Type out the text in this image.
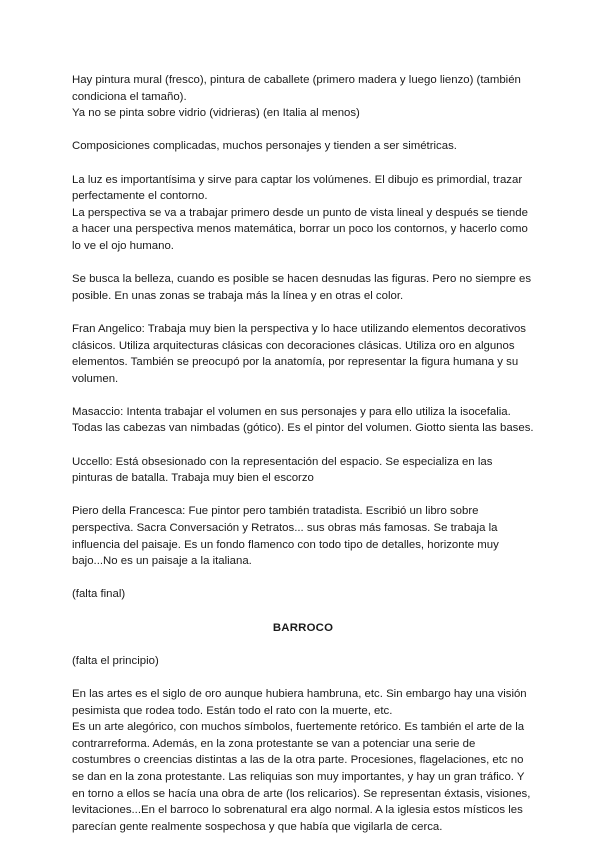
Hay pintura mural (fresco), pintura de caballete (primero madera y luego lienzo) (también condiciona el tamaño).
Ya no se pinta sobre vidrio (vidrieras) (en Italia al menos)

Composiciones complicadas, muchos personajes y tienden a ser simétricas.

La luz es importantísima y sirve para captar los volúmenes. El dibujo es primordial, trazar perfectamente el contorno.
La perspectiva se va a trabajar primero desde un punto de vista lineal y después se tiende a hacer una perspectiva menos matemática, borrar un poco los contornos, y hacerlo como lo ve el ojo humano.

Se busca la belleza, cuando es posible se hacen desnudas las figuras. Pero no siempre es posible. En unas zonas se trabaja más la línea y en otras el color.

Fran Angelico: Trabaja muy bien la perspectiva y lo hace utilizando elementos decorativos clásicos. Utiliza arquitecturas clásicas con decoraciones clásicas. Utiliza oro en algunos elementos. También se preocupó por la anatomía, por representar la figura humana y su volumen.

Masaccio: Intenta trabajar el volumen en sus personajes y para ello utiliza la isocefalia. Todas las cabezas van nimbadas (gótico). Es el pintor del volumen. Giotto sienta las bases.

Uccello: Está obsesionado con la representación del espacio. Se especializa en las pinturas de batalla. Trabaja muy bien el escorzo

Piero della Francesca: Fue pintor pero también tratadista. Escribió un libro sobre perspectiva. Sacra Conversación y Retratos... sus obras más famosas. Se trabaja la influencia del paisaje. Es un fondo flamenco con todo tipo de detalles, horizonte muy bajo...No es un paisaje a la italiana.

(falta final)

BARROCO

(falta el principio)

En las artes es el siglo de oro aunque hubiera hambruna, etc. Sin embargo hay una visión pesimista que rodea todo. Están todo el rato con la muerte, etc.
Es un arte alegórico, con muchos símbolos, fuertemente retórico. Es también el arte de la contrarreforma. Además, en la zona protestante se van a potenciar una serie de costumbres o creencias distintas a las de la otra parte. Procesiones, flagelaciones, etc no se dan en la zona protestante. Las reliquias son muy importantes, y hay un gran tráfico. Y en torno a ellos se hacía una obra de arte (los relicarios). Se representan éxtasis, visiones, levitaciones...En el barroco lo sobrenatural era algo normal. A la iglesia estos místicos les parecían gente realmente sospechosa y que había que vigilarla de cerca.
